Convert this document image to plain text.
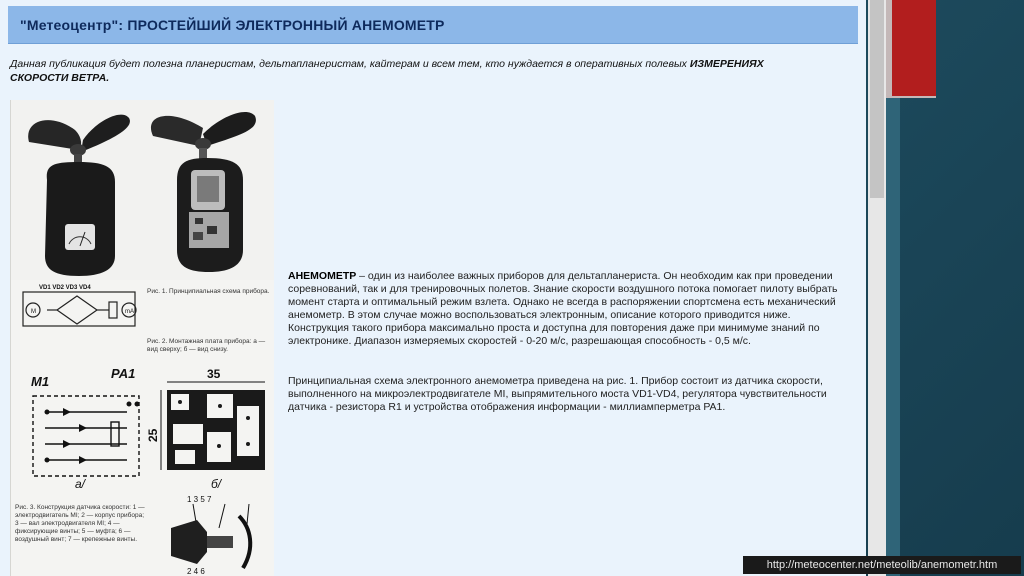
"Метеоцентр": ПРОСТЕЙШИЙ ЭЛЕКТРОННЫЙ АНЕМОМЕТР
Данная публикация будет полезна планеристам, дельтапланеристам, кайтерам и всем тем, кто нуждается в оперативных полевых ИЗМЕРЕНИЯХ СКОРОСТИ ВЕТРА.
VD1 VD2 VD3 VD4
M	mA
Рис. 1. Принципиальная схема прибора.
Рис. 2. Монтажная плата прибора: а — вид сверху; б — вид снизу.
M1
PA1
а/
35
25
б/
Рис. 3. Конструкция датчика скорости: 1 — электродвигатель МI; 2 — корпус прибора; 3 — вал электродвигателя МI; 4 — фиксирующие винты; 5 — муфта; 6 — воздушный винт; 7 — крепежные винты.
1 3 5 7
2 4 6
АНЕМОМЕТР – один из наиболее важных приборов для дельтапланериста. Он необходим как при проведении соревнований, так и для тренировочных полетов. Знание скорости воздушного потока помогает пилоту выбрать момент старта и оптимальный режим взлета. Однако не всегда в распоряжении спортсмена есть механический анемометр. В этом случае можно воспользоваться электронным, описание которого приводится ниже. Конструкция такого прибора максимально проста и доступна для повторения даже при минимуме знаний по электронике. Диапазон измеряемых скоростей - 0-20 м/с, разрешающая способность - 0,5 м/с.
Принципиальная схема электронного анемометра приведена на рис. 1. Прибор состоит из датчика скорости, выполненного на микроэлектродвигателе МI, выпрямительного моста VD1-VD4, регулятора чувствительности датчика - резистора R1 и устройства отображения информации - миллиамперметра PA1.
http://meteocenter.net/meteolib/anemometr.htm
